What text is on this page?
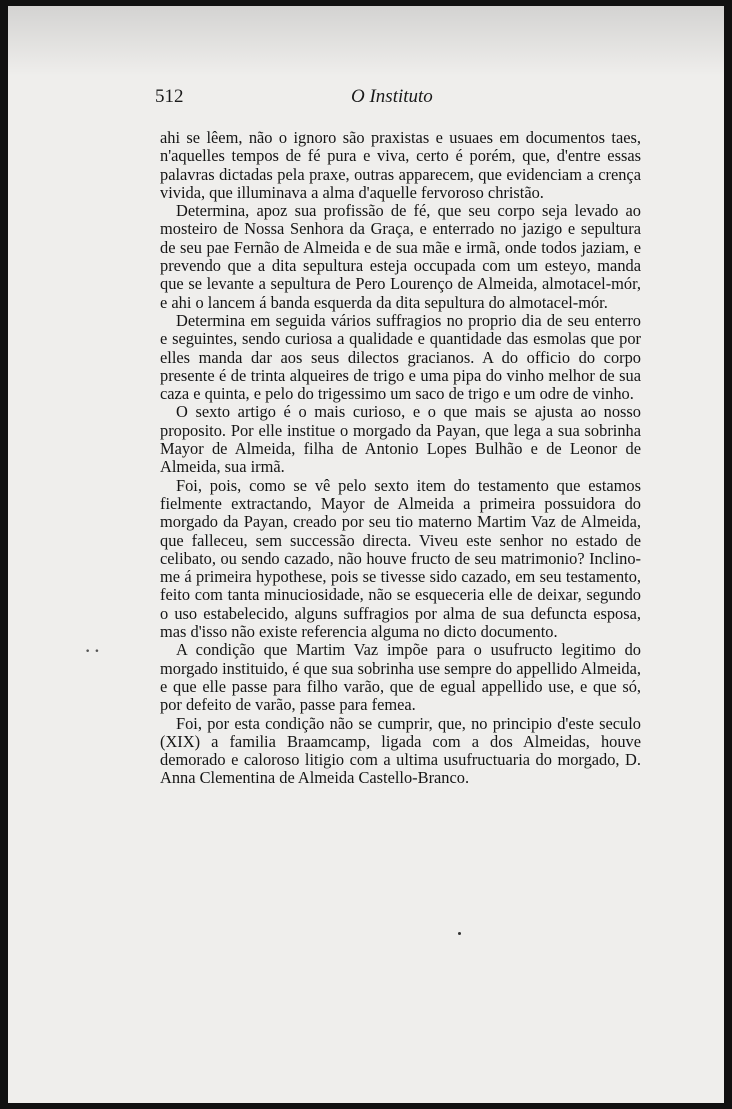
512	O Instituto

ahi se lêem, não o ignoro são praxistas e usuaes em documentos taes, n'aquelles tempos de fé pura e viva, certo é porém, que, d'entre essas palavras dictadas pela praxe, outras apparecem, que evidenciam a crença vivida, que illuminava a alma d'aquelle fervoroso christão.

Determina, apoz sua profissão de fé, que seu corpo seja levado ao mosteiro de Nossa Senhora da Graça, e enterrado no jazigo e sepultura de seu pae Fernão de Almeida e de sua mãe e irmã, onde todos jaziam, e prevendo que a dita sepultura esteja occupada com um esteyo, manda que se levante a sepultura de Pero Lourenço de Almeida, almotacel-mór, e ahi o lancem á banda esquerda da dita sepultura do almotacel-mór.

Determina em seguida vários suffragios no proprio dia de seu enterro e seguintes, sendo curiosa a qualidade e quantidade das esmolas que por elles manda dar aos seus dilectos gracianos. A do officio do corpo presente é de trinta alqueires de trigo e uma pipa do vinho melhor de sua caza e quinta, e pelo do trigessimo um saco de trigo e um odre de vinho.

O sexto artigo é o mais curioso, e o que mais se ajusta ao nosso proposito. Por elle institue o morgado da Payan, que lega a sua sobrinha Mayor de Almeida, filha de Antonio Lopes Bulhão e de Leonor de Almeida, sua irmã.

Foi, pois, como se vê pelo sexto item do testamento que estamos fielmente extractando, Mayor de Almeida a primeira possuidora do morgado da Payan, creado por seu tio materno Martim Vaz de Almeida, que falleceu, sem successão directa. Viveu este senhor no estado de celibato, ou sendo cazado, não houve fructo de seu matrimonio? Inclino-me á primeira hypothese, pois se tivesse sido cazado, em seu testamento, feito com tanta minuciosidade, não se esqueceria elle de deixar, segundo o uso estabelecido, alguns suffragios por alma de sua defuncta esposa, mas d'isso não existe referencia alguma no dicto documento.

A condição que Martim Vaz impõe para o usufructo legitimo do morgado instituido, é que sua sobrinha use sempre do appellido Almeida, e que elle passe para filho varão, que de egual appellido use, e que só, por defeito de varão, passe para femea.

Foi, por esta condição não se cumprir, que, no principio d'este seculo (XIX) a familia Braamcamp, ligada com a dos Almeidas, houve demorado e caloroso litigio com a ultima usufructuaria do morgado, D. Anna Clementina de Almeida Castello-Branco.

••
